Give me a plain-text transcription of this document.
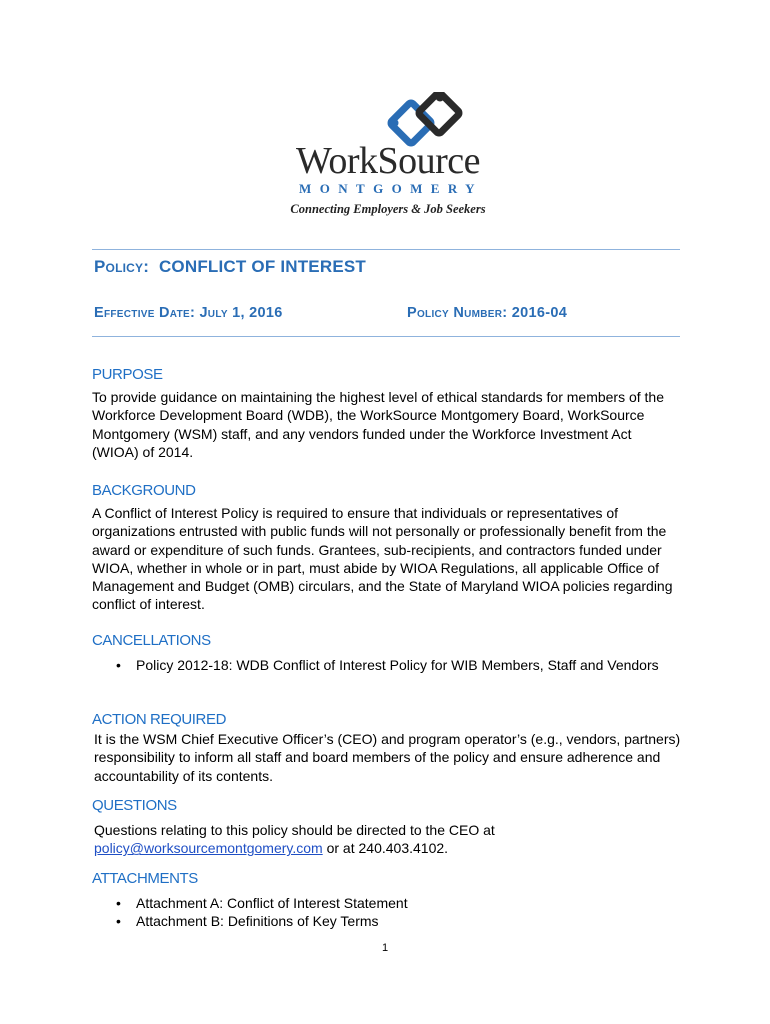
WorkSource
MONTGOMERY
Connecting Employers & Job Seekers
Policy: CONFLICT OF INTEREST
Effective Date: July 1, 2016	Policy Number: 2016-04
PURPOSE
To provide guidance on maintaining the highest level of ethical standards for members of the Workforce Development Board (WDB), the WorkSource Montgomery Board, WorkSource Montgomery (WSM) staff, and any vendors funded under the Workforce Investment Act (WIOA) of 2014.
BACKGROUND
A Conflict of Interest Policy is required to ensure that individuals or representatives of organizations entrusted with public funds will not personally or professionally benefit from the award or expenditure of such funds. Grantees, sub-recipients, and contractors funded under WIOA, whether in whole or in part, must abide by WIOA Regulations, all applicable Office of Management and Budget (OMB) circulars, and the State of Maryland WIOA policies regarding conflict of interest.
CANCELLATIONS
• Policy 2012-18: WDB Conflict of Interest Policy for WIB Members, Staff and Vendors
ACTION REQUIRED
It is the WSM Chief Executive Officer’s (CEO) and program operator’s (e.g., vendors, partners) responsibility to inform all staff and board members of the policy and ensure adherence and accountability of its contents.
QUESTIONS
Questions relating to this policy should be directed to the CEO at
policy@worksourcemontgomery.com or at 240.403.4102.
ATTACHMENTS
• Attachment A: Conflict of Interest Statement
• Attachment B: Definitions of Key Terms
1
